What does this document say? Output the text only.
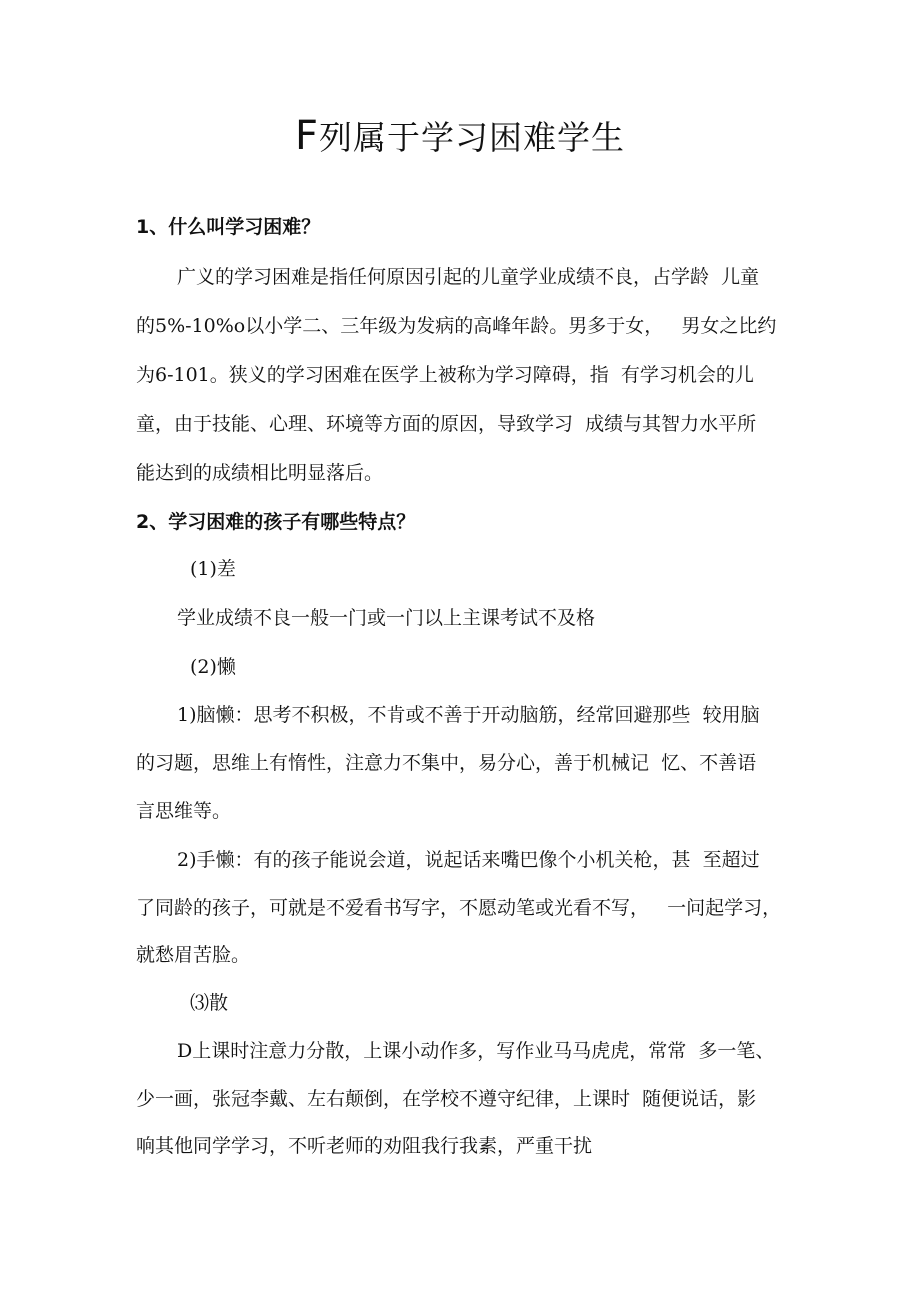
F列属于学习困难学生
1、什么叫学习困难？
广义的学习困难是指任何原因引起的儿童学业成绩不良，占学龄  儿童
的5%-10%o以小学二、三年级为发病的高峰年龄。男多于女，   男女之比约
为6-101。狭义的学习困难在医学上被称为学习障碍，指  有学习机会的儿
童，由于技能、心理、环境等方面的原因，导致学习  成绩与其智力水平所
能达到的成绩相比明显落后。
2、学习困难的孩子有哪些特点？
(1)差
学业成绩不良一般一门或一门以上主课考试不及格
(2)懒
1)脑懒：思考不积极，不肯或不善于开动脑筋，经常回避那些  较用脑
的习题，思维上有惰性，注意力不集中，易分心，善于机械记  忆、不善语
言思维等。
2)手懒：有的孩子能说会道，说起话来嘴巴像个小机关枪，甚  至超过
了同龄的孩子，可就是不爱看书写字，不愿动笔或光看不写，   一问起学习，
就愁眉苦脸。
⑶散
D上课时注意力分散，上课小动作多，写作业马马虎虎，常常  多一笔、
少一画，张冠李戴、左右颠倒，在学校不遵守纪律，上课时  随便说话，影
响其他同学学习，不听老师的劝阻我行我素，严重干扰
